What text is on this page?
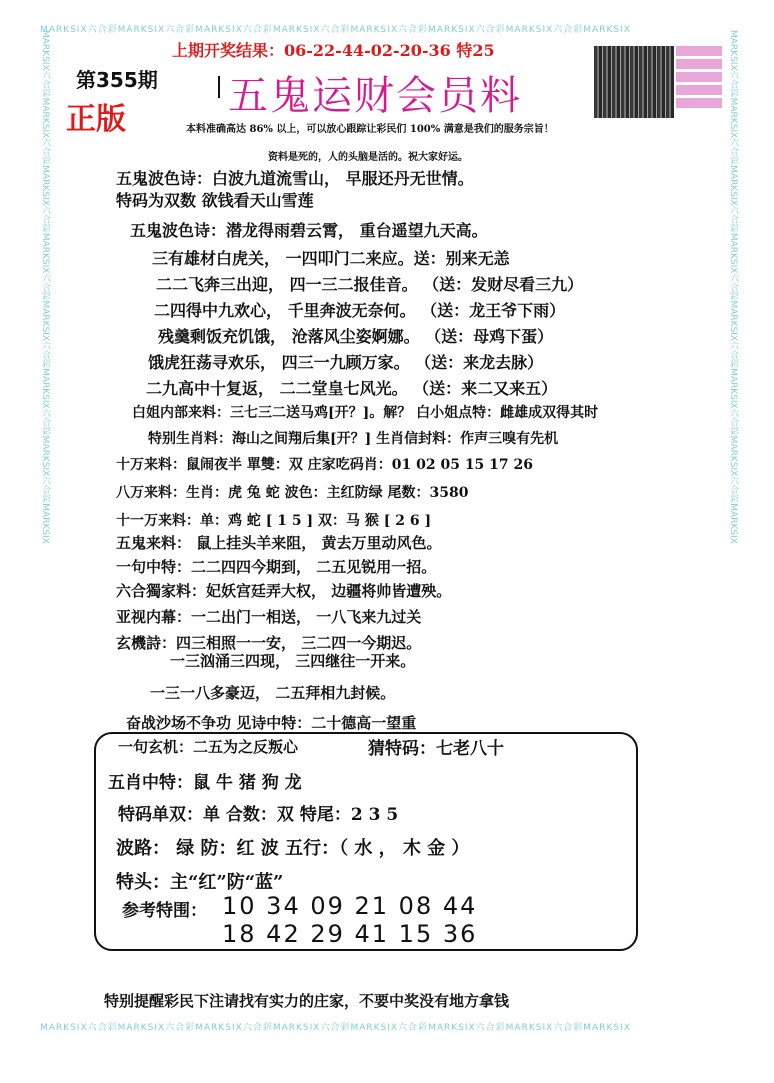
MARKSIX六合彩MARKSIX六合彩MARKSIX六合彩MARKSIX六合彩MARKSIX六合彩MARKSIX六合彩MARKSIX六合彩MARKSIX
MARKSIX六合彩MARKSIX六合彩MARKSIX六合彩MARKSIX六合彩MARKSIX六合彩MARKSIX六合彩MARKSIX六合彩MARKSIX
MARKSIX六合彩MARKSIX六合彩MARKSIX六合彩MARKSIX六合彩MARKSIX六合彩MARKSIX六合彩MARKSIX六合彩MARKSIX	MARKSIX六合彩MARKSIX六合彩MARKSIX六合彩MARKSIX六合彩MARKSIX六合彩MARKSIX六合彩MARKSIX六合彩MARKSIX
上期开奖结果：06-22-44-02-20-36 特25
第355期
正版
五鬼运财会员料
本料准确高达 86% 以上，可以放心跟踪让彩民们 100% 满意是我们的服务宗旨！
资料是死的，人的头脑是活的。祝大家好运。
五鬼波色诗：白波九道流雪山， 早服还丹无世情。
特码为双数 欲钱看天山雪莲
五鬼波色诗：潜龙得雨碧云霄， 重台遥望九天高。
三有雄材白虎关， 一四叩门二来应。送：别来无恙
二二飞奔三出迎， 四一三二报佳音。 （送：发财尽看三九）
二四得中九欢心， 千里奔波无奈何。 （送：龙王爷下雨）
残羹剩饭充饥饿， 沧落风尘姿婀娜。 （送：母鸡下蛋）
饿虎狂荡寻欢乐， 四三一九顾万家。 （送：来龙去脉）
二九高中十复返， 二二堂皇七风光。 （送：来二又来五）
白姐内部来料：三七三二送马鸡[开？]。解？ 白小姐点特：雌雄成双得其时
特别生肖料：海山之间翔后集[开？] 生肖信封料：作声三嗅有先机
十万来料：鼠闹夜半 單雙：双 庄家吃码肖：01 02 05 15 17 26
八万来料：生肖：虎 兔 蛇 波色：主红防绿 尾数：3580
十一万来料：单：鸡 蛇 [ 1 5 ] 双：马 猴 [ 2 6 ]
五鬼来料： 鼠上挂头羊来阻， 黄去万里动风色。
一句中特：二二四四今期到， 二五见锐用一招。
六合獨家料：妃妖宫廷弄大权， 边疆将帅皆遭殃。
亚视内幕：一二出门一相送， 一八飞来九过关
玄機詩：四三相照一一安， 三二四一今期迟。
一三汹涌三四现， 三四继往一开来。
一三一八多豪迈， 二五拜相九封候。
奋战沙场不争功 见诗中特：二十德高一望重
一句玄机：二五为之反叛心	猜特码：七老八十
五肖中特：鼠 牛 猪 狗 龙
特码单双：单 合数：双 特尾：2 3 5
波路： 绿 防：红 波 五行：（ 水 ， 木 金 ）
特头：主“红”防“蓝”
参考特围： 10 34 09 21 08 44
18 42 29 41 15 36
特别提醒彩民下注请找有实力的庄家，不要中奖没有地方拿钱
